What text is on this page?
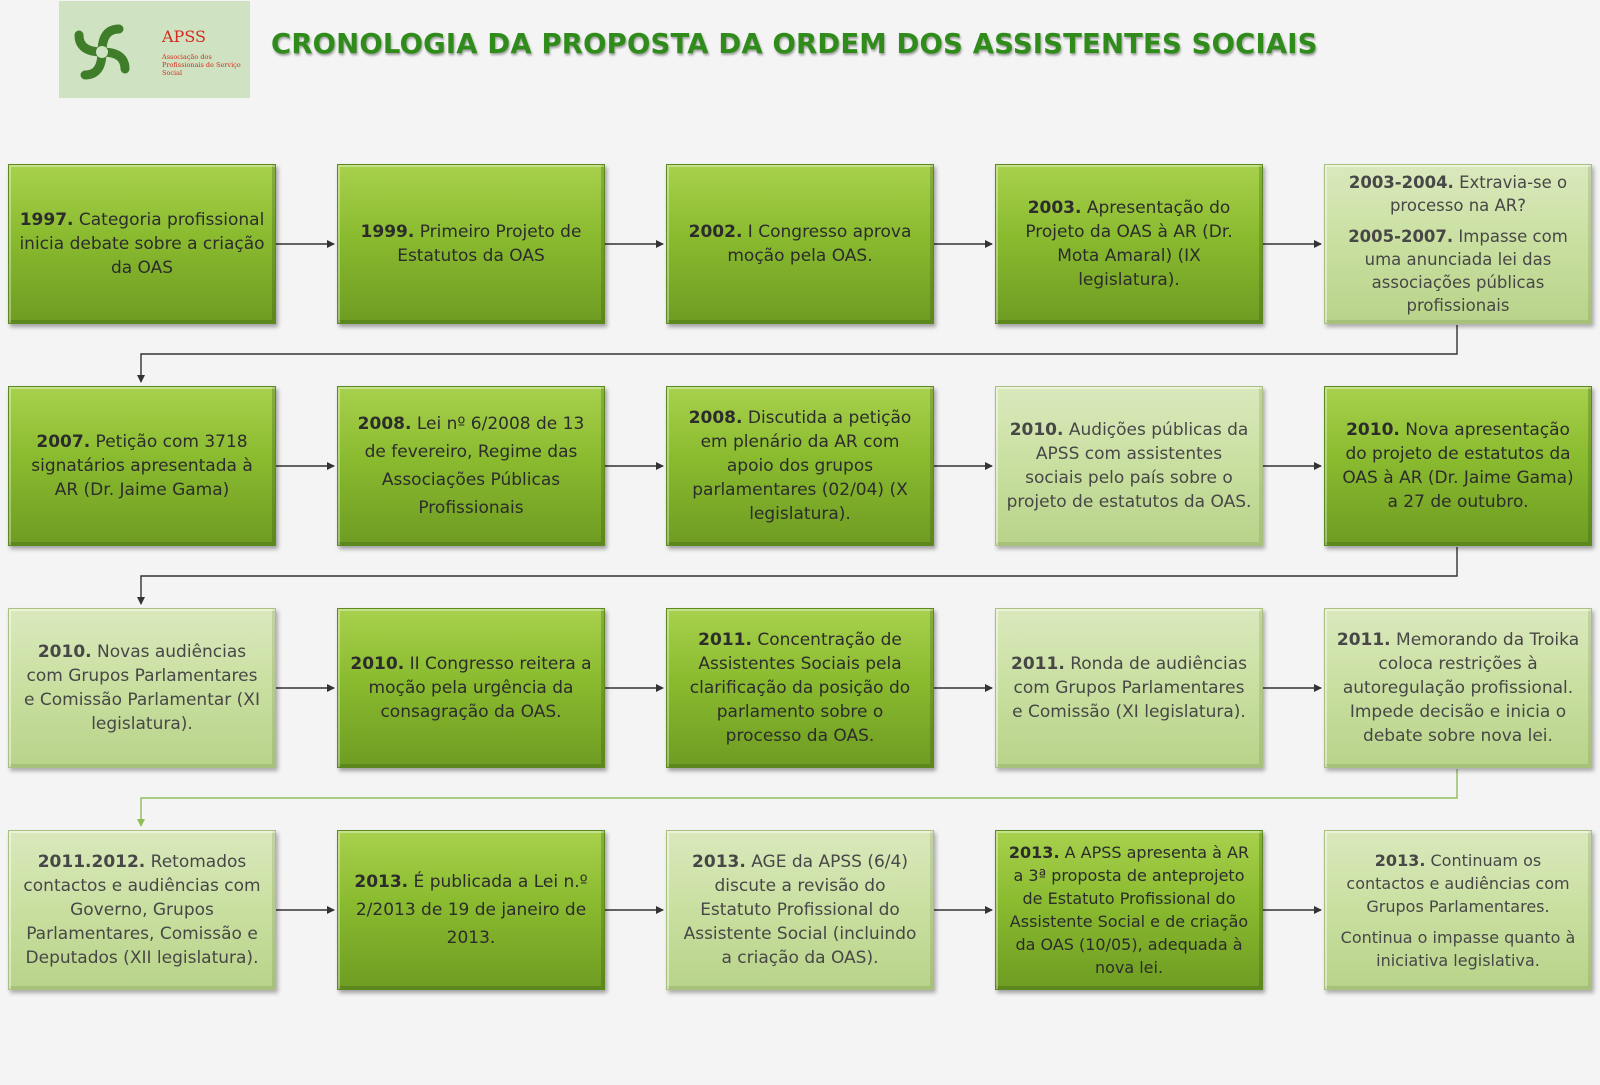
APSS
Associação dos Profissionais de Serviço Social
CRONOLOGIA DA PROPOSTA DA ORDEM DOS ASSISTENTES SOCIAIS

1997. Categoria profissional inicia debate sobre a criação da OAS

1999. Primeiro Projeto de Estatutos da OAS

2002. I Congresso aprova moção pela OAS.

2003. Apresentação do Projeto da OAS à AR (Dr. Mota Amaral) (IX legislatura).

2003-2004. Extravia-se o processo na AR?

2005-2007. Impasse com uma anunciada lei das associações públicas profissionais

2007. Petição com 3718 signatários apresentada à AR (Dr. Jaime Gama)

2008. Lei nº 6/2008 de 13 de fevereiro, Regime das Associações Públicas Profissionais

2008. Discutida a petição em plenário da AR com apoio dos grupos parlamentares (02/04) (X legislatura).

2010. Audições públicas da APSS com assistentes sociais pelo país sobre o projeto de estatutos da OAS.

2010. Nova apresentação do projeto de estatutos da OAS à AR (Dr. Jaime Gama) a 27 de outubro.

2010. Novas audiências com Grupos Parlamentares e Comissão Parlamentar (XI legislatura).

2010. II Congresso reitera a moção pela urgência da consagração da OAS.

2011. Concentração de Assistentes Sociais pela clarificação da posição do parlamento sobre o processo da OAS.

2011. Ronda de audiências com Grupos Parlamentares e Comissão (XI legislatura).

2011. Memorando da Troika coloca restrições à autoregulação profissional. Impede decisão e inicia o debate sobre nova lei.

2011.2012. Retomados contactos e audiências com Governo, Grupos Parlamentares, Comissão e Deputados (XII legislatura).

2013. É publicada a Lei n.º 2/2013 de 19 de janeiro de 2013.

2013. AGE da APSS (6/4) discute a revisão do Estatuto Profissional do Assistente Social (incluindo a criação da OAS).

2013. A APSS apresenta à AR a 3ª proposta de anteprojeto de Estatuto Profissional do Assistente Social e de criação da OAS (10/05), adequada à nova lei.

2013. Continuam os contactos e audiências com Grupos Parlamentares.

Continua o impasse quanto à iniciativa legislativa.
